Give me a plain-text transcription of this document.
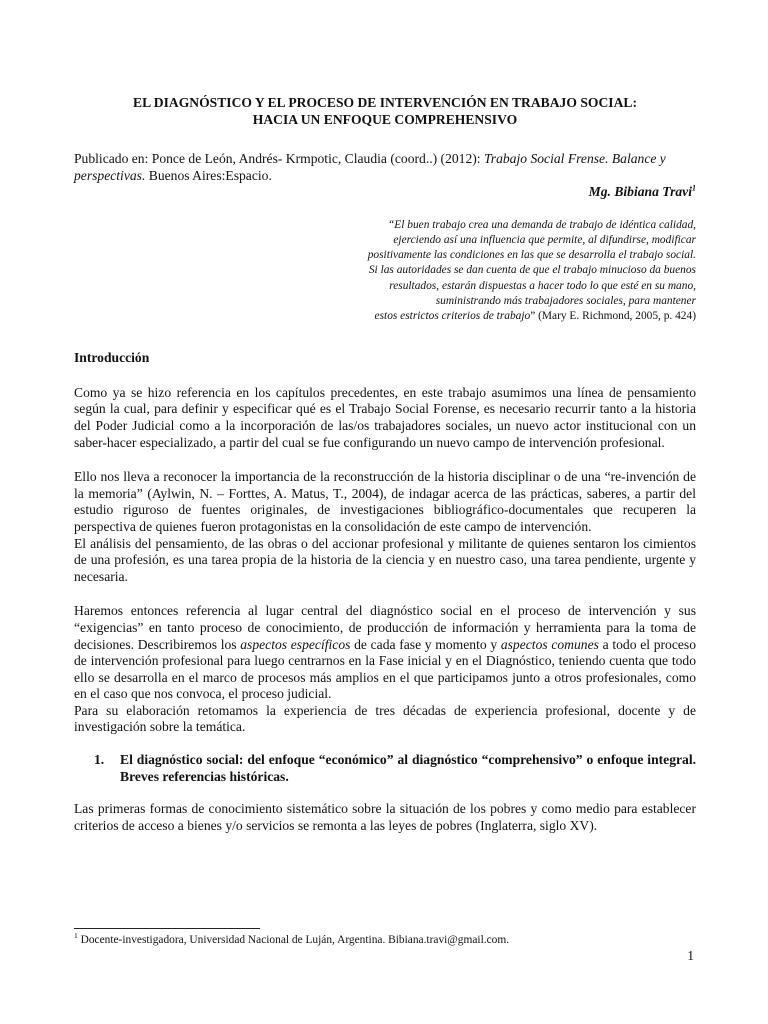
EL DIAGNÓSTICO Y EL PROCESO DE INTERVENCIÓN EN TRABAJO SOCIAL:
HACIA UN ENFOQUE COMPREHENSIVO
Publicado en: Ponce de León, Andrés- Krmpotic, Claudia (coord..) (2012): Trabajo Social Frense. Balance y perspectivas. Buenos Aires:Espacio.
Mg. Bibiana Travi$^1$
“El buen trabajo crea una demanda de trabajo de idéntica calidad,
ejerciendo así una influencia que permite, al difundirse, modificar
positivamente las condiciones en las que se desarrolla el trabajo social.
Si las autoridades se dan cuenta de que el trabajo minucioso da buenos
resultados, estarán dispuestas a hacer todo lo que esté en su mano,
suministrando más trabajadores sociales, para mantener
estos estrictos criterios de trabajo” (Mary E. Richmond, 2005, p. 424)
Introducción

Como ya se hizo referencia en los capítulos precedentes, en este trabajo asumimos una línea de pensamiento según la cual, para definir y especificar qué es el Trabajo Social Forense, es necesario recurrir tanto a la historia del Poder Judicial como a la incorporación de las/os trabajadores sociales, un nuevo actor institucional con un saber-hacer especializado, a partir del cual se fue configurando un nuevo campo de intervención profesional.

Ello nos lleva a reconocer la importancia de la reconstrucción de la historia disciplinar o de una “re-invención de la memoria” (Aylwin, N. – Forttes, A. Matus, T., 2004), de indagar acerca de las prácticas, saberes, a partir del estudio riguroso de fuentes originales, de investigaciones bibliográfico-documentales que recuperen la perspectiva de quienes fueron protagonistas en la consolidación de este campo de intervención.

El análisis del pensamiento, de las obras o del accionar profesional y militante de quienes sentaron los cimientos de una profesión, es una tarea propia de la historia de la ciencia y en nuestro caso, una tarea pendiente, urgente y necesaria.

Haremos entonces referencia al lugar central del diagnóstico social en el proceso de intervención y sus “exigencias” en tanto proceso de conocimiento, de producción de información y herramienta para la toma de decisiones. Describiremos los aspectos específicos de cada fase y momento y aspectos comunes a todo el proceso de intervención profesional para luego centrarnos en la Fase inicial y en el Diagnóstico, teniendo cuenta que todo ello se desarrolla en el marco de procesos más amplios en el que participamos junto a otros profesionales, como en el caso que nos convoca, el proceso judicial.

Para su elaboración retomamos la experiencia de tres décadas de experiencia profesional, docente y de investigación sobre la temática.

1.	El diagnóstico social: del enfoque “económico” al diagnóstico “comprehensivo” o enfoque integral. Breves referencias históricas.

Las primeras formas de conocimiento sistemático sobre la situación de los pobres y como medio para establecer criterios de acceso a bienes y/o servicios se remonta a las leyes de pobres (Inglaterra, siglo XV).

$^1$ Docente-investigadora, Universidad Nacional de Luján, Argentina. Bibiana.travi@gmail.com.
1
